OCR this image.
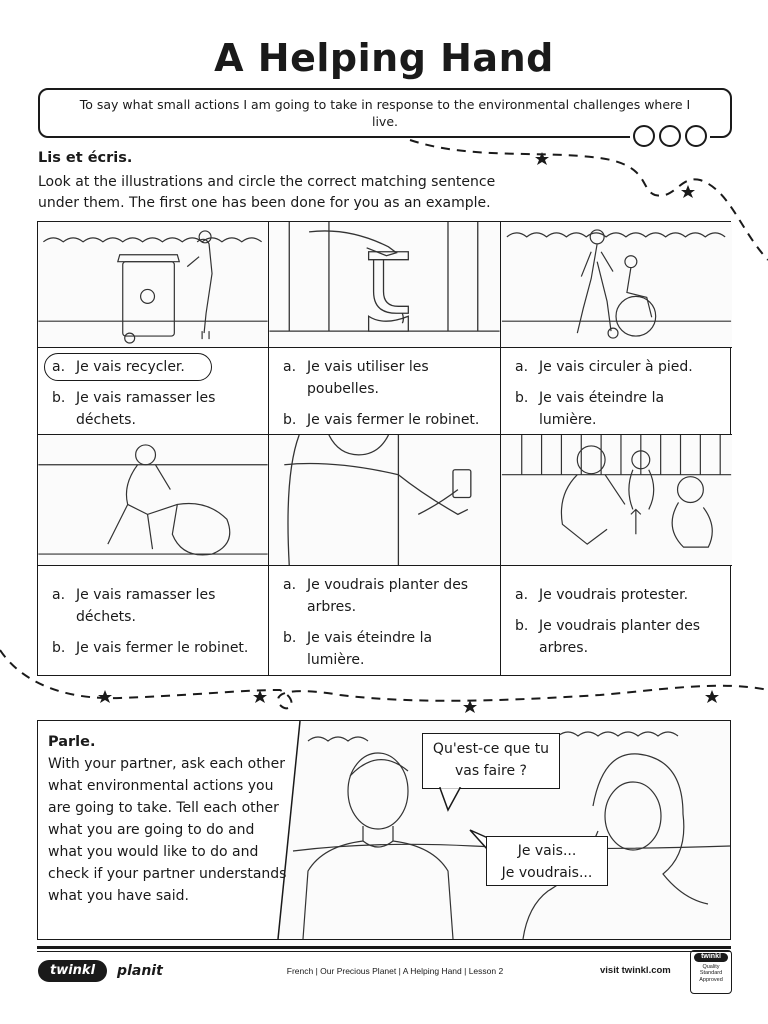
A Helping Hand
To say what small actions I am going to take in response to the environmental challenges where I live.
Lis et écris.
Look at the illustrations and circle the correct matching sentence under them. The first one has been done for you as an example.
a. Je vais recycler.
b. Je vais ramasser les déchets.
a. Je vais utiliser les poubelles.
b. Je vais fermer le robinet.
a. Je vais circuler à pied.
b. Je vais éteindre la lumière.
a. Je vais ramasser les déchets.
b. Je vais fermer le robinet.
a. Je voudrais planter des arbres.
b. Je vais éteindre la lumière.
a. Je voudrais protester.
b. Je voudrais planter des arbres.
Parle.
With your partner, ask each other what environmental actions you are going to take. Tell each other what you are going to do and what you would like to do and check if your partner understands what you have said.
Qu'est-ce que tu vas faire ?
Je vais...
Je voudrais...
twinkl	planit	French | Our Precious Planet | A Helping Hand | Lesson 2	visit twinkl.com
twinkl
Quality Standard Approved
